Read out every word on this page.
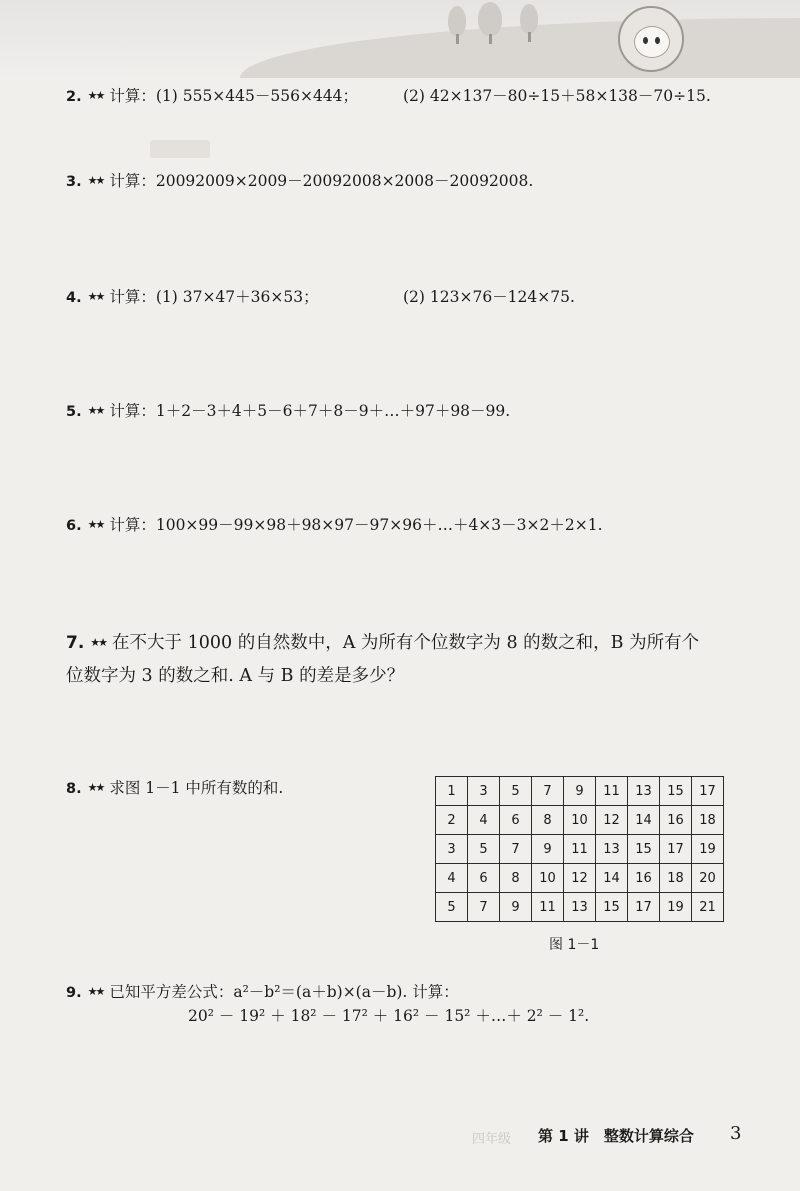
2. ★★ 计算：(1) 555×445－556×444；	(2) 42×137－80÷15＋58×138－70÷15.
3. ★★ 计算：20092009×2009－20092008×2008－20092008.
4. ★★ 计算：(1) 37×47＋36×53；	(2) 123×76－124×75.
5. ★★ 计算：1＋2－3＋4＋5－6＋7＋8－9＋…＋97＋98－99.
6. ★★ 计算：100×99－99×98＋98×97－97×96＋…＋4×3－3×2＋2×1.
7. ★★ 在不大于 1000 的自然数中，A 为所有个位数字为 8 的数之和，B 为所有个位数字为 3 的数之和. A 与 B 的差是多少？
8. ★★ 求图 1－1 中所有数的和.	1	3	5	7	9	11	13	15	17
2	4	6	8	10	12	14	16	18
3	5	7	9	11	13	15	17	19
4	6	8	10	12	14	16	18	20
5	7	9	11	13	15	17	19	21
图 1－1
9. ★★ 已知平方差公式：a²－b²＝(a＋b)×(a－b). 计算：
20² － 19² ＋ 18² － 17² ＋ 16² － 15² ＋…＋ 2² － 1².
四年级 第 1 讲　整数计算综合 3
